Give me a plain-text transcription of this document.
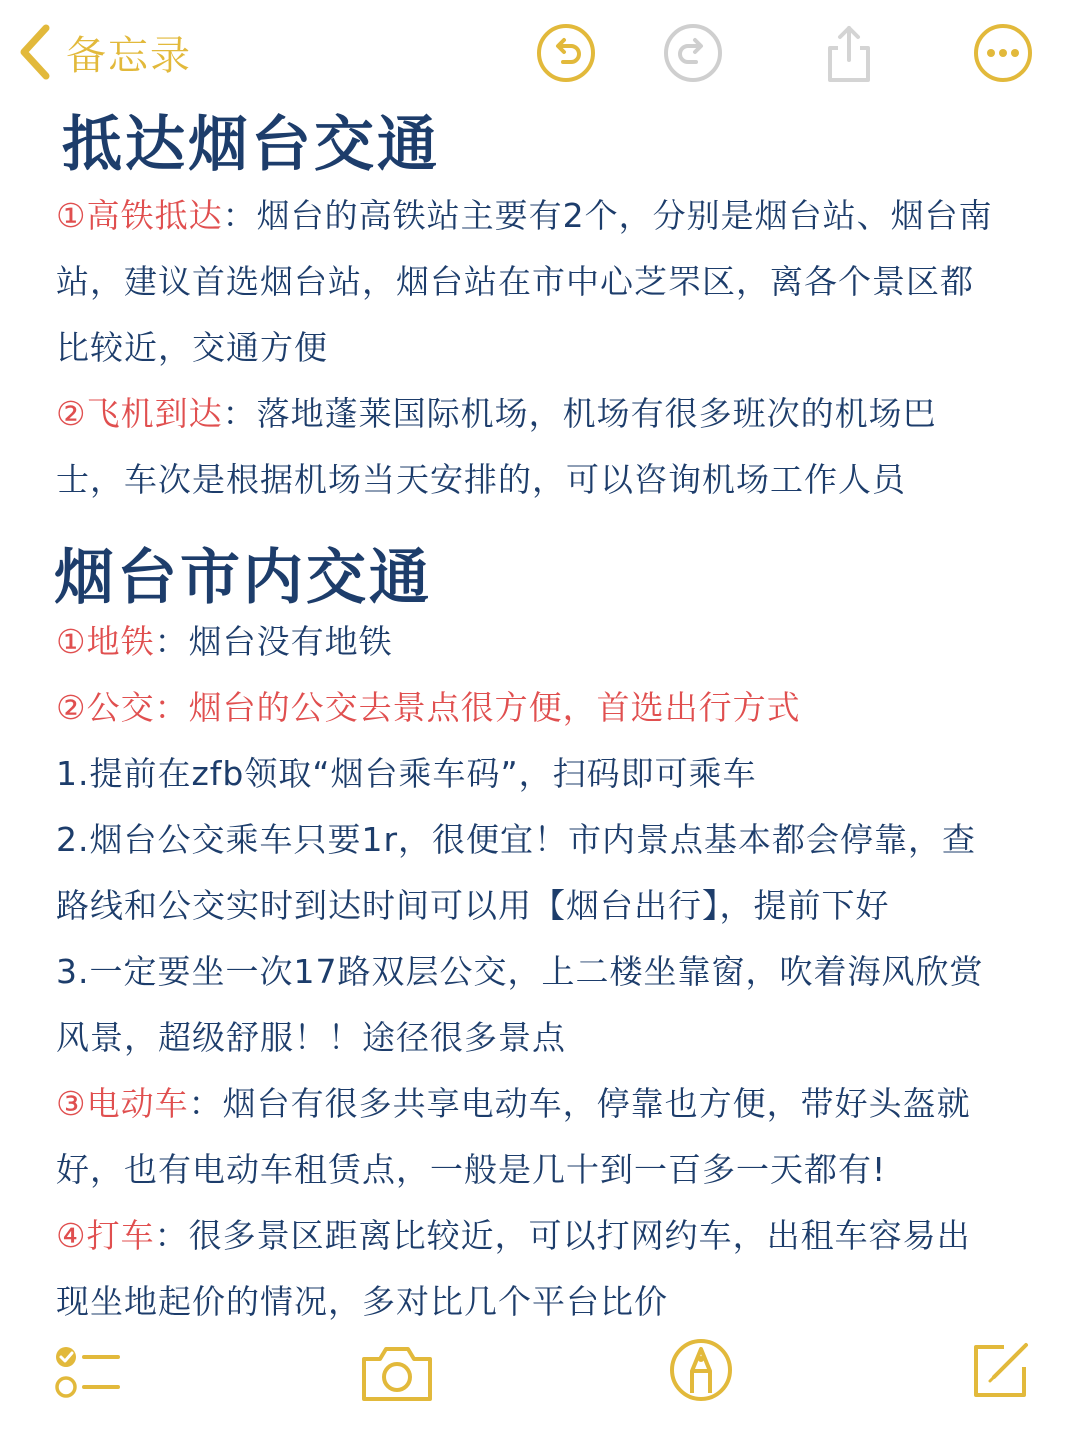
备忘录
抵达烟台交通
①高铁抵达：烟台的高铁站主要有2个，分别是烟台站、烟台南
站，建议首选烟台站，烟台站在市中心芝罘区，离各个景区都
比较近，交通方便
②飞机到达：落地蓬莱国际机场，机场有很多班次的机场巴
士，车次是根据机场当天安排的，可以咨询机场工作人员
烟台市内交通
①地铁：烟台没有地铁
②公交：烟台的公交去景点很方便，首选出行方式
1.提前在zfb领取“烟台乘车码”，扫码即可乘车
2.烟台公交乘车只要1r，很便宜！市内景点基本都会停靠，查
路线和公交实时到达时间可以用【烟台出行】，提前下好
3.一定要坐一次17路双层公交，上二楼坐靠窗，吹着海风欣赏
风景，超级舒服！！途径很多景点
③电动车：烟台有很多共享电动车，停靠也方便，带好头盔就
好，也有电动车租赁点，一般是几十到一百多一天都有!
④打车：很多景区距离比较近，可以打网约车，出租车容易出
现坐地起价的情况，多对比几个平台比价
